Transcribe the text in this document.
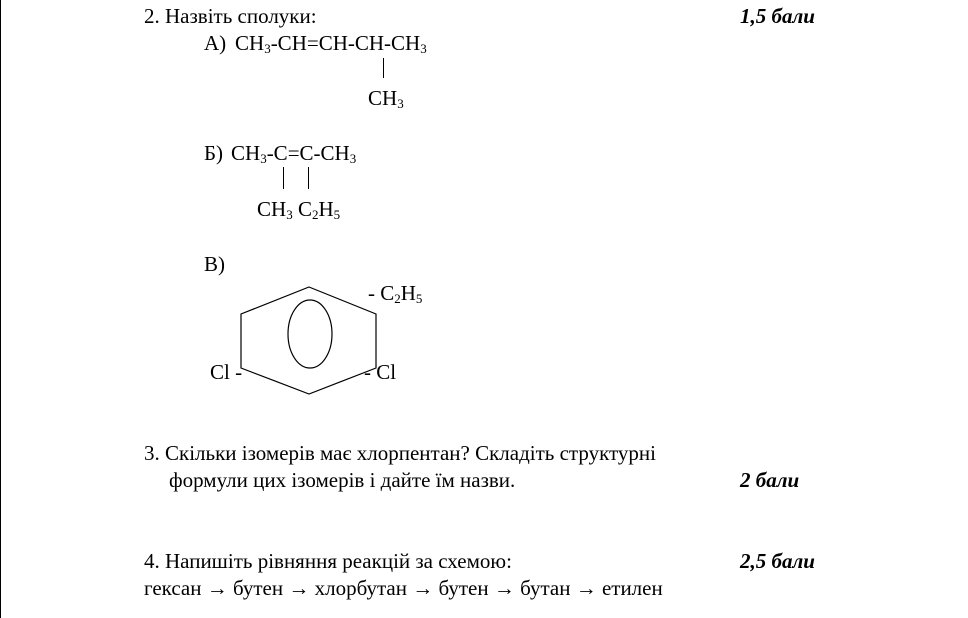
2. Назвіть сполуки:	1,5 бали
А) $CH_3-CH=CH-CH-CH_3$
$CH_3$
Б) $CH_3-C=C-CH_3$
$CH_3$ $C_2H_5$
В)
- $C_2H_5$
Cl -	- Cl
3. Скільки ізомерів має хлорпентан? Складіть структурні
формули цих ізомерів і дайте їм назви.	2 бали
4. Напишіть рівняння реакцій за схемою:	2,5 бали
гексан → бутен → хлорбутан → бутен → бутан → етилен
